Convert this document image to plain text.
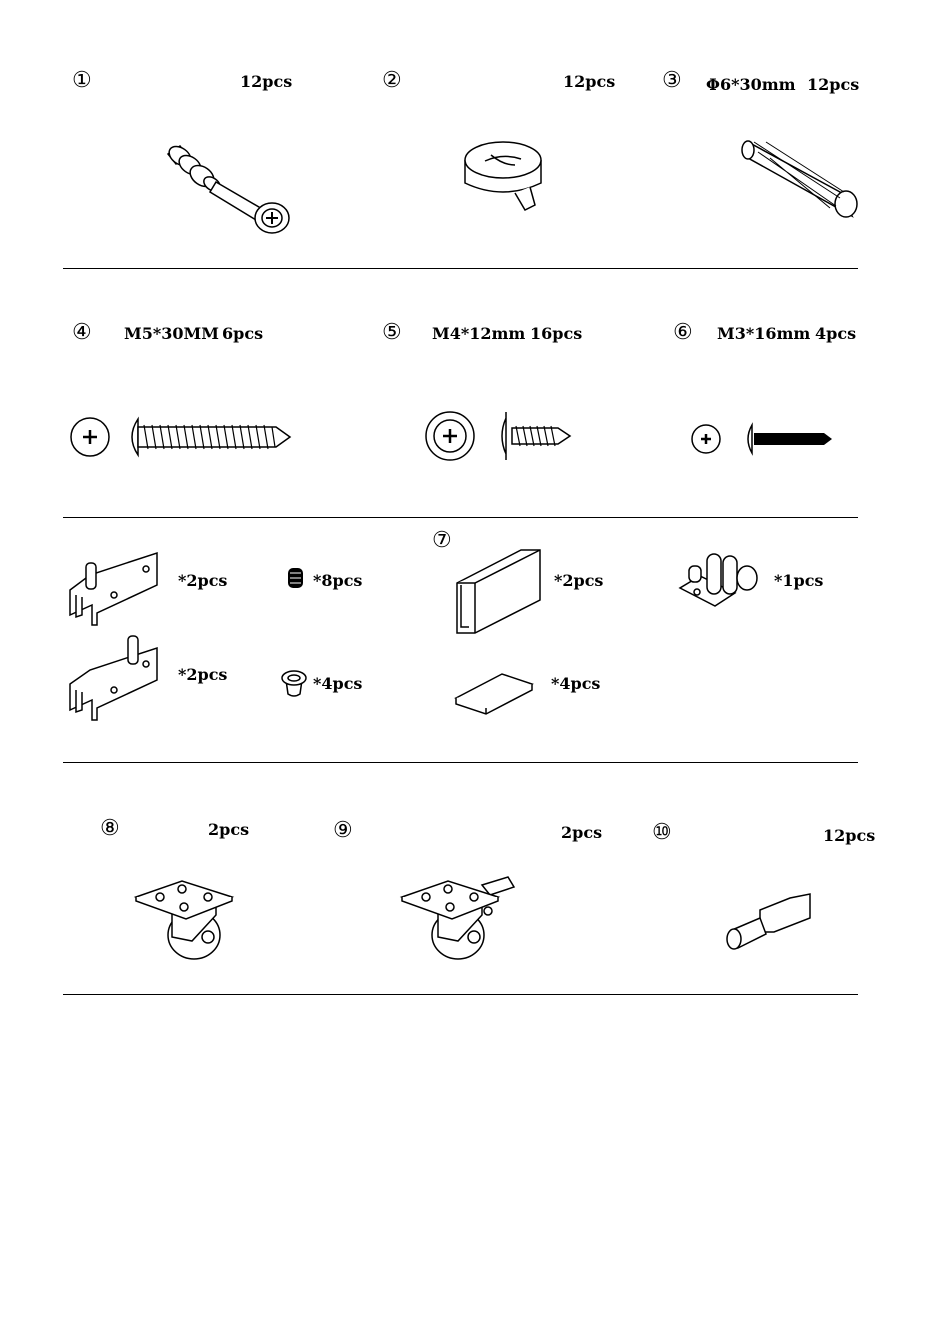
①	12pcs	②	12pcs ③ Φ6*30mm 12pcs
④ M5*30MM 6pcs	⑤ M4*12mm 16pcs	⑥ M3*16mm 4pcs
⑦
*2pcs	*8pcs	*2pcs	*1pcs
*2pcs	*4pcs	*4pcs
⑧	2pcs	⑨	2pcs ⑩	12pcs
